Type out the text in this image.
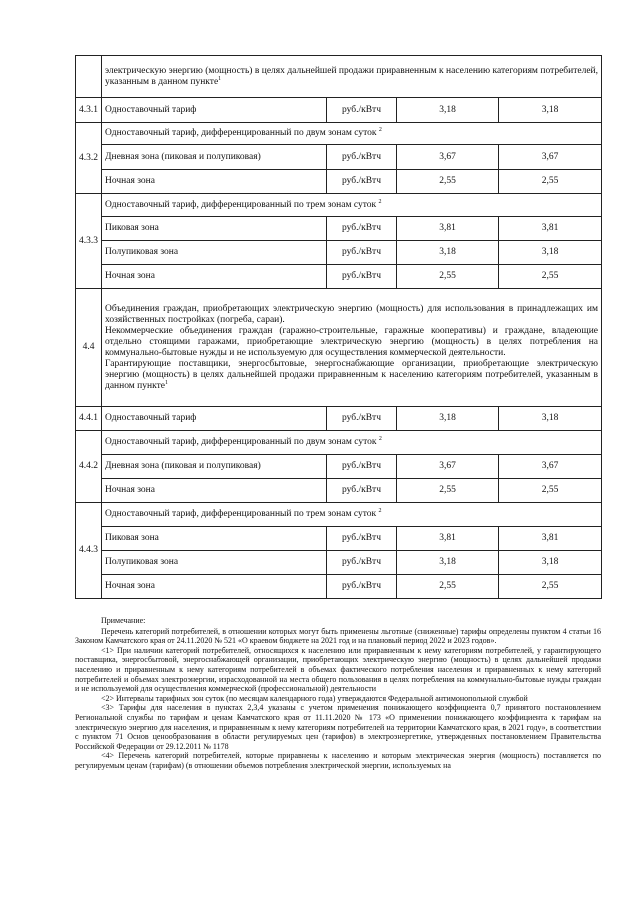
	электрическую энергию (мощность) в целях дальнейшей продажи приравненным к населению категориям потребителей, указанным в данном пункте$^1$
4.3.1	Одноставочный тариф	руб./кВтч	3,18	3,18
4.3.2	Одноставочный тариф, дифференцированный по двум зонам суток $^2$
	Дневная зона (пиковая и полупиковая)	руб./кВтч	3,67	3,67
	Ночная зона	руб./кВтч	2,55	2,55
4.3.3	Одноставочный тариф, дифференцированный по трем зонам суток $^2$
	Пиковая зона	руб./кВтч	3,81	3,81
	Полупиковая зона	руб./кВтч	3,18	3,18
	Ночная зона	руб./кВтч	2,55	2,55
4.4	Объединения граждан, приобретающих электрическую энергию (мощность) для использования в принадлежащих им хозяйственных постройках (погреба, сараи).
Некоммерческие объединения граждан (гаражно-строительные, гаражные кооперативы) и граждане, владеющие отдельно стоящими гаражами, приобретающие электрическую энергию (мощность) в целях потребления на коммунально-бытовые нужды и не используемую для осуществления коммерческой деятельности.
Гарантирующие поставщики, энергосбытовые, энергоснабжающие организации, приобретающие электрическую энергию (мощность) в целях дальнейшей продажи приравненным к населению категориям потребителей, указанным в данном пункте$^1$

4.4.1	Одноставочный тариф	руб./кВтч	3,18	3,18
4.4.2	Одноставочный тариф, дифференцированный по двум зонам суток $^2$
	Дневная зона (пиковая и полупиковая)	руб./кВтч	3,67	3,67
	Ночная зона	руб./кВтч	2,55	2,55
4.4.3	Одноставочный тариф, дифференцированный по трем зонам суток $^2$
	Пиковая зона	руб./кВтч	3,81	3,81
	Полупиковая зона	руб./кВтч	3,18	3,18
	Ночная зона	руб./кВтч	2,55	2,55

Примечание:

Перечень категорий потребителей, в отношении которых могут быть применены льготные (сниженные) тарифы определены пунктом 4 статьи 16 Законом Камчатского края от 24.11.2020 № 521 «О краевом бюджете на 2021 год и на плановый период 2022 и 2023 годов».

<1> При наличии категорий потребителей, относящихся к населению или приравненным к нему категориям потребителей, у гарантирующего поставщика, энергосбытовой, энергоснабжающей организации, приобретающих электрическую энергию (мощность) в целях дальнейшей продажи населению и приравненным к нему категориям потребителей в объемах фактического потребления населения и приравненных к нему категорий потребителей и объемах электроэнергии, израсходованной на места общего пользования в целях потребления на коммунально-бытовые нужды граждан и не используемой для осуществления коммерческой (профессиональной) деятельности

<2> Интервалы тарифных зон суток (по месяцам календарного года) утверждаются Федеральной антимонопольной службой

<3> Тарифы для населения в пунктах 2,3,4 указаны с учетом применения понижающего коэффициента 0,7 принятого постановлением Региональной службы по тарифам и ценам Камчатского края от 11.11.2020 № 173 «О применении понижающего коэффициента к тарифам на электрическую энергию для населения, и приравненным к нему категориям потребителей на территории Камчатского края, в 2021 году», в соответствии с пунктом 71 Основ ценообразования в области регулируемых цен (тарифов) в электроэнергетике, утвержденных постановлением Правительства Российской Федерации от 29.12.2011 № 1178

<4> Перечень категорий потребителей, которые приравнены к населению и которым электрическая энергия (мощность) поставляется по регулируемым ценам (тарифам) (в отношении объемов потребления электрической энергии, используемых на
